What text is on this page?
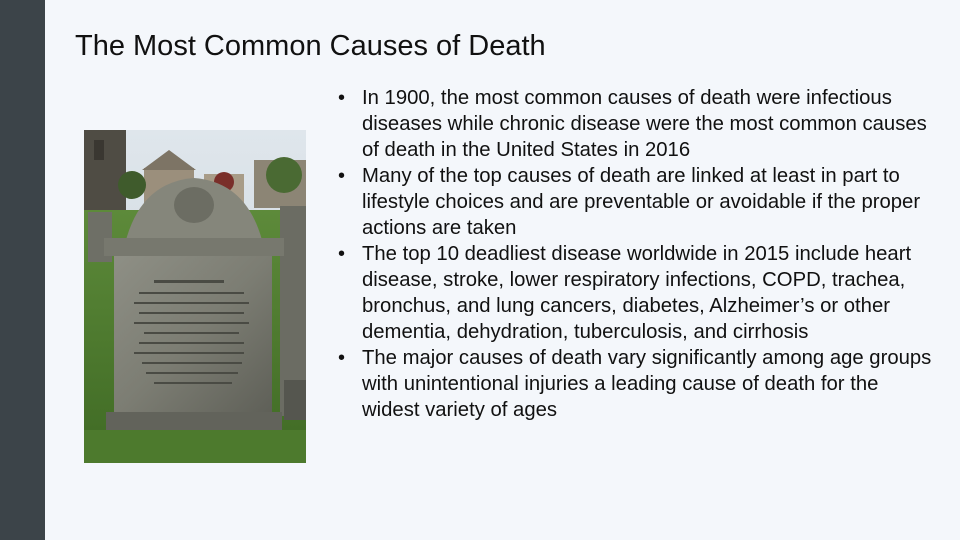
The Most Common Causes of Death
• In 1900, the most common causes of death were infectious diseases while chronic disease were the most common causes of death in the United States in 2016
• Many of the top causes of death are linked at least in part to lifestyle choices and are preventable or avoidable if the proper actions are taken
• The top 10 deadliest disease worldwide in 2015 include heart disease, stroke, lower respiratory infections, COPD, trachea, bronchus, and lung cancers, diabetes, Alzheimer’s or other dementia, dehydration, tuberculosis, and cirrhosis
• The major causes of death vary significantly among age groups with unintentional injuries a leading cause of death for the widest variety of ages
